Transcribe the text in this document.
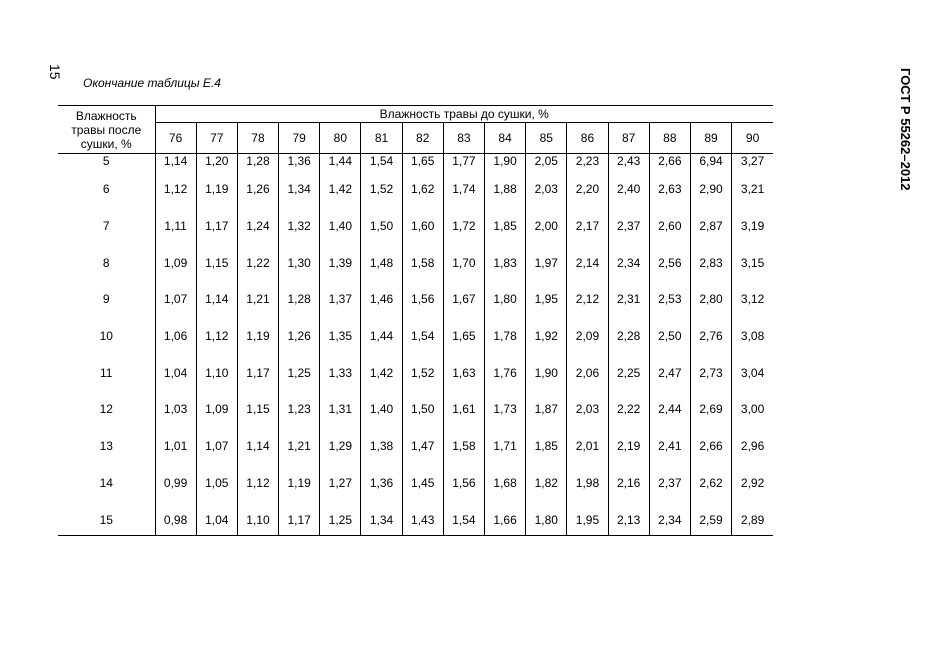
15
Окончание таблицы Е.4	ГОСТ Р 55262–2012
Влажность
травы после
сушки, %	Влажность травы до сушки, %														
	76	77	78	79	80	81	82	83	84	85	86	87	88	89	90
5	1,14	1,20	1,28	1,36	1,44	1,54	1,65	1,77	1,90	2,05	2,23	2,43	2,66	6,94	3,27
6	1,12	1,19	1,26	1,34	1,42	1,52	1,62	1,74	1,88	2,03	2,20	2,40	2,63	2,90	3,21
7	1,11	1,17	1,24	1,32	1,40	1,50	1,60	1,72	1,85	2,00	2,17	2,37	2,60	2,87	3,19
8	1,09	1,15	1,22	1,30	1,39	1,48	1,58	1,70	1,83	1,97	2,14	2,34	2,56	2,83	3,15
9	1,07	1,14	1,21	1,28	1,37	1,46	1,56	1,67	1,80	1,95	2,12	2,31	2,53	2,80	3,12
10	1,06	1,12	1,19	1,26	1,35	1,44	1,54	1,65	1,78	1,92	2,09	2,28	2,50	2,76	3,08
11	1,04	1,10	1,17	1,25	1,33	1,42	1,52	1,63	1,76	1,90	2,06	2,25	2,47	2,73	3,04
12	1,03	1,09	1,15	1,23	1,31	1,40	1,50	1,61	1,73	1,87	2,03	2,22	2,44	2,69	3,00
13	1,01	1,07	1,14	1,21	1,29	1,38	1,47	1,58	1,71	1,85	2,01	2,19	2,41	2,66	2,96
14	0,99	1,05	1,12	1,19	1,27	1,36	1,45	1,56	1,68	1,82	1,98	2,16	2,37	2,62	2,92
15	0,98	1,04	1,10	1,17	1,25	1,34	1,43	1,54	1,66	1,80	1,95	2,13	2,34	2,59	2,89
